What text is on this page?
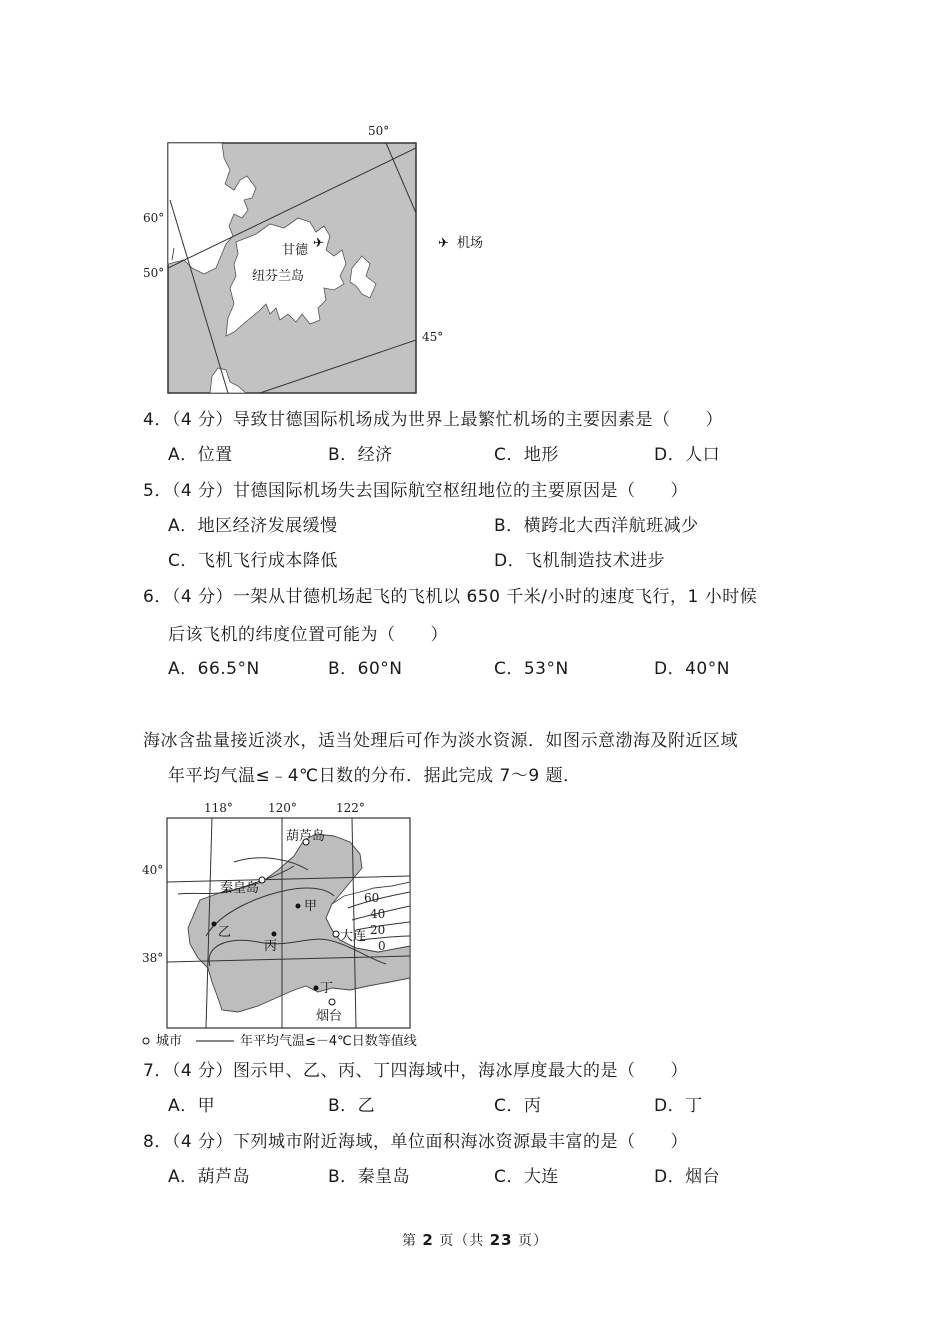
✈
甘德
纽芬兰岛
50°
60°
50°
45°
✈ 机场
4．（4 分）导致甘德国际机场成为世界上最繁忙机场的主要因素是（　　）
A．位置	B．经济	C．地形	D．人口
5．（4 分）甘德国际机场失去国际航空枢纽地位的主要原因是（　　）
A．地区经济发展缓慢	B．横跨北大西洋航班减少
C．飞机飞行成本降低	D．飞机制造技术进步
6．（4 分）一架从甘德机场起飞的飞机以 650 千米/小时的速度飞行，1 小时候
后该飞机的纬度位置可能为（　　）
A．66.5°N	B．60°N	C．53°N	D．40°N
海冰含盐量接近淡水，适当处理后可作为淡水资源．如图示意渤海及附近区域
年平均气温≤﹣4℃日数的分布．据此完成 7～9 题．
118°	120°	122°
40°
38°
葫芦岛
秦皇岛
大连
烟台
甲
乙
丙
丁
60
40
20
0
城市	年平均气温≤－4℃日数等值线
7．（4 分）图示甲、乙、丙、丁四海域中，海冰厚度最大的是（　　）
A．甲	B．乙	C．丙	D．丁
8．（4 分）下列城市附近海域，单位面积海冰资源最丰富的是（　　）
A．葫芦岛	B．秦皇岛	C．大连	D．烟台
第 2 页（共 23 页）
